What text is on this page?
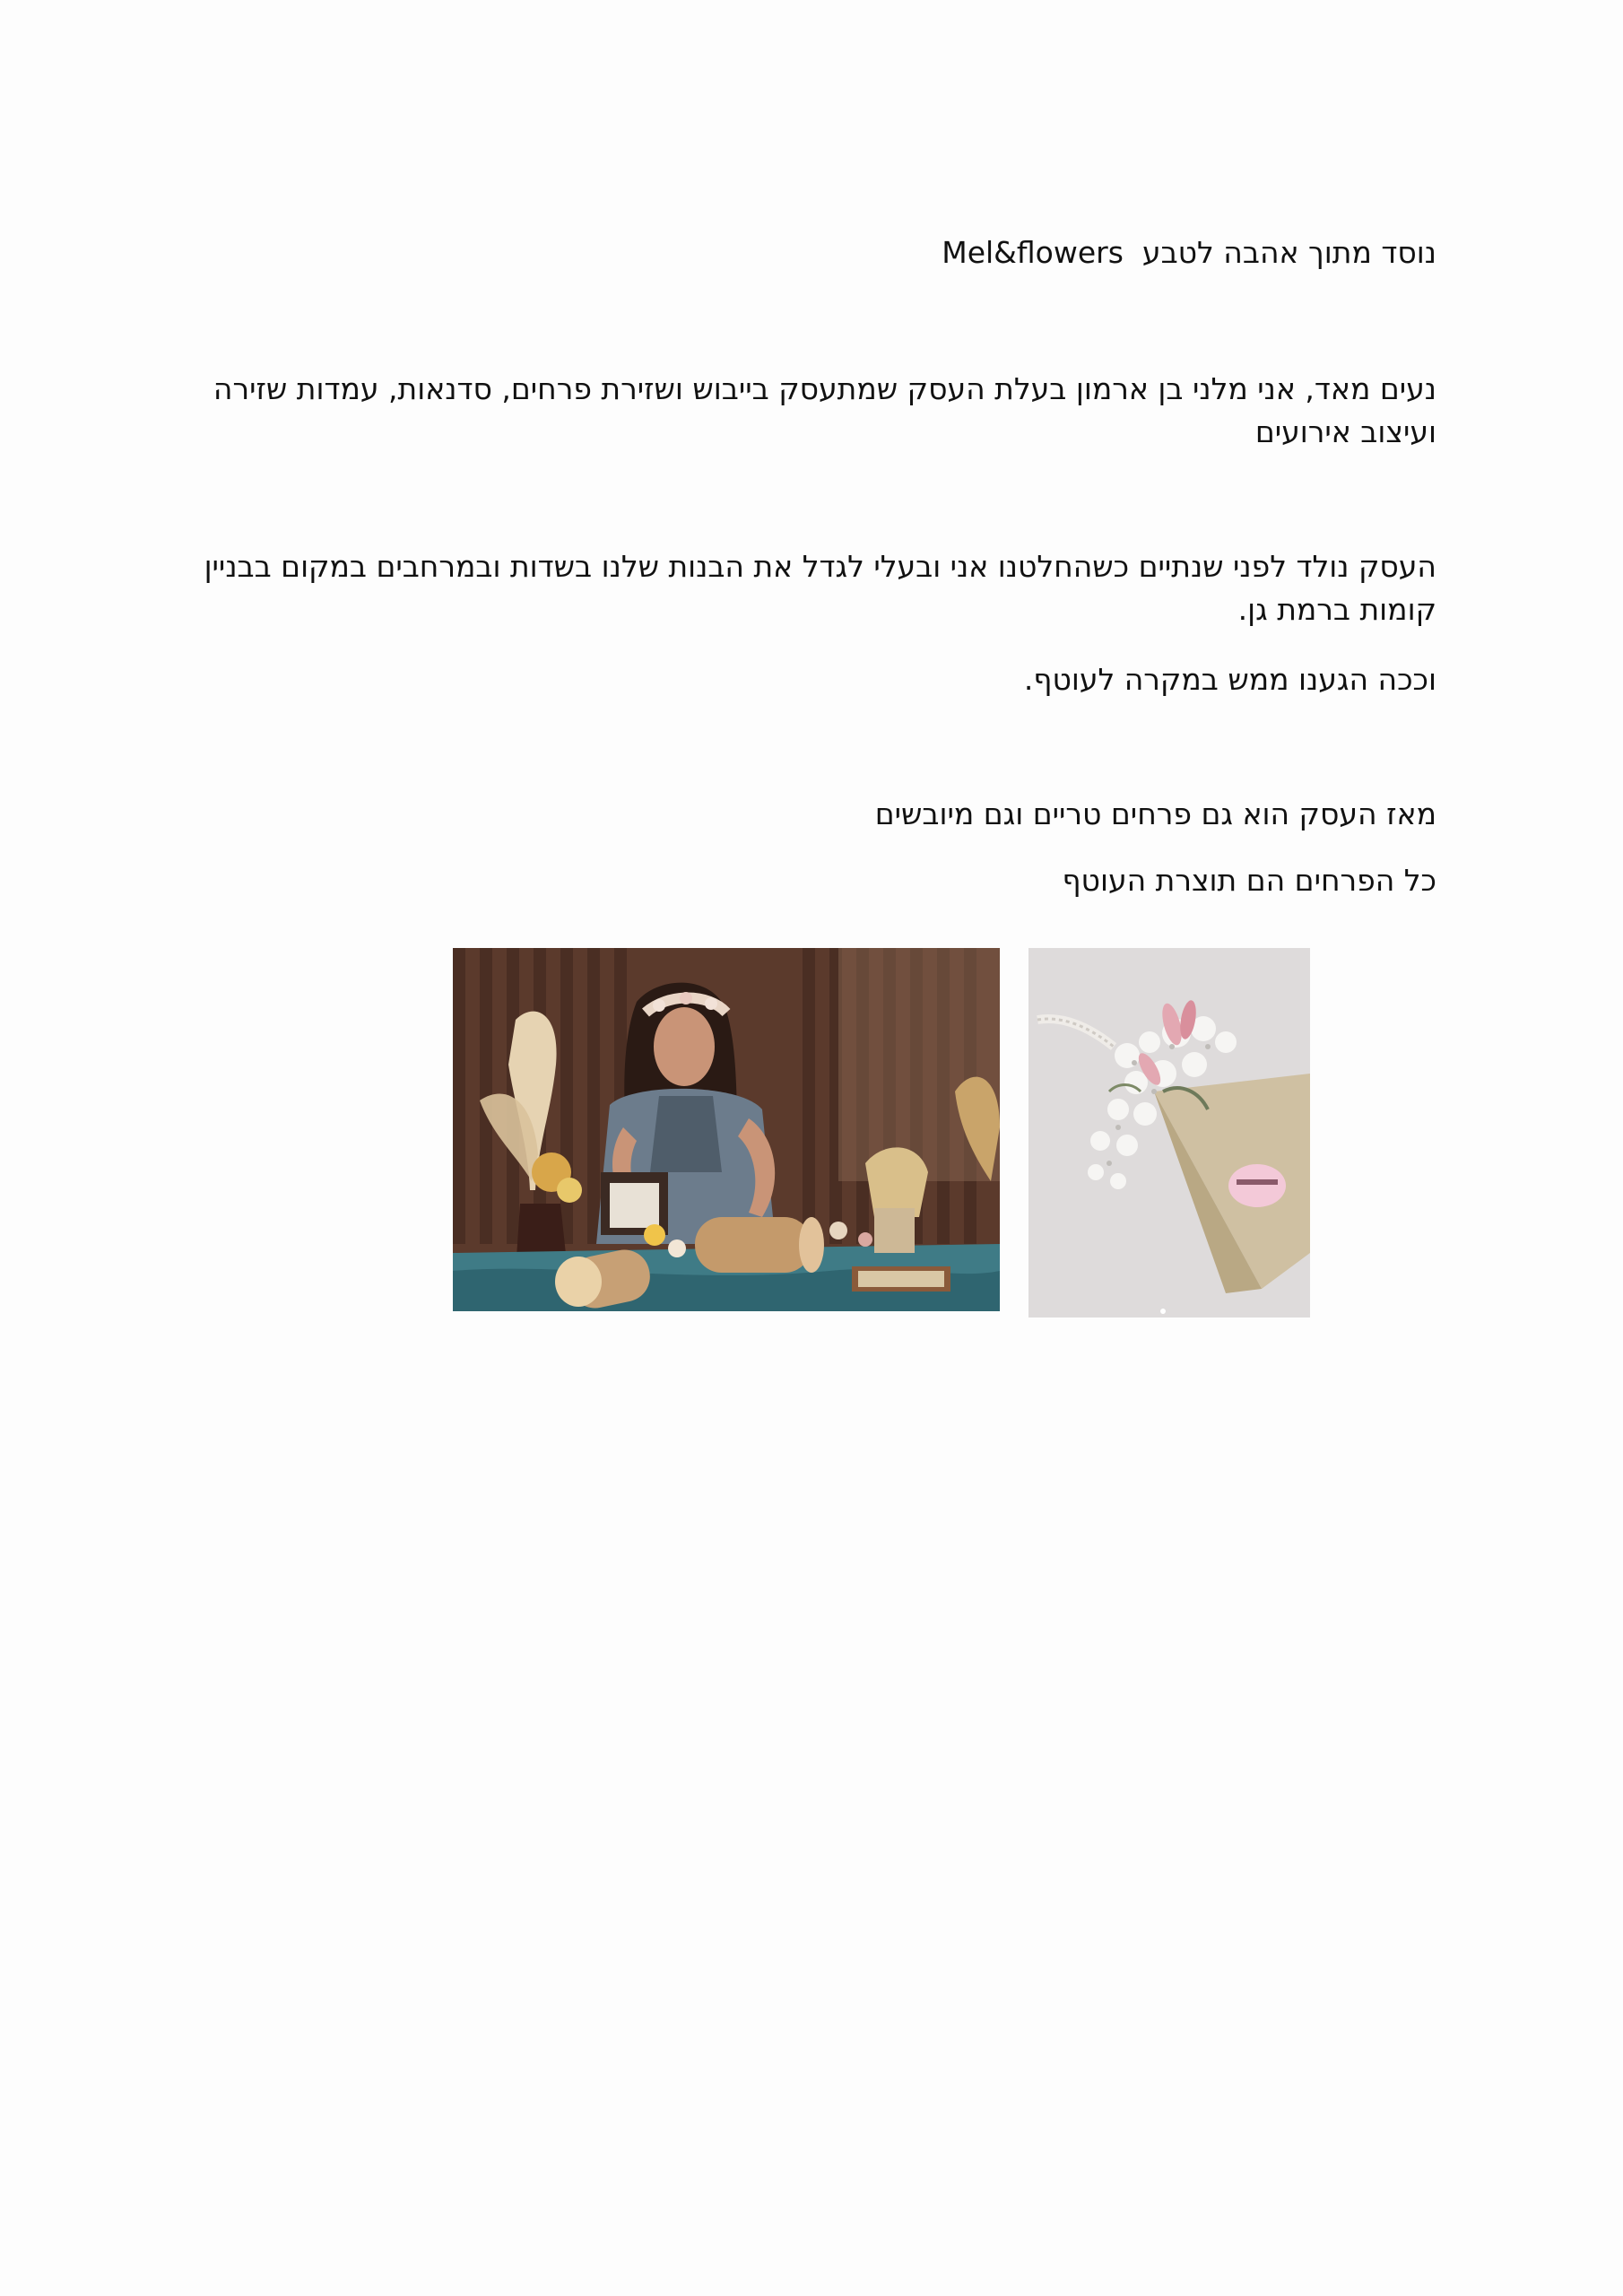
נוסד מתוך אהבה לטבע  Mel&flowers
נעים מאד, אני מלני בן ארמון בעלת העסק שמתעסק בייבוש ושזירת פרחים, סדנאות, עמדות שזירה ועיצוב אירועים
העסק נולד לפני שנתיים כשהחלטנו אני ובעלי לגדל את הבנות שלנו בשדות ובמרחבים במקום בבניין קומות ברמת גן.
וככה הגענו ממש במקרה לעוטף.
מאז העסק הוא גם פרחים טריים וגם מיובשים
כל הפרחים הם תוצרת העוטף
